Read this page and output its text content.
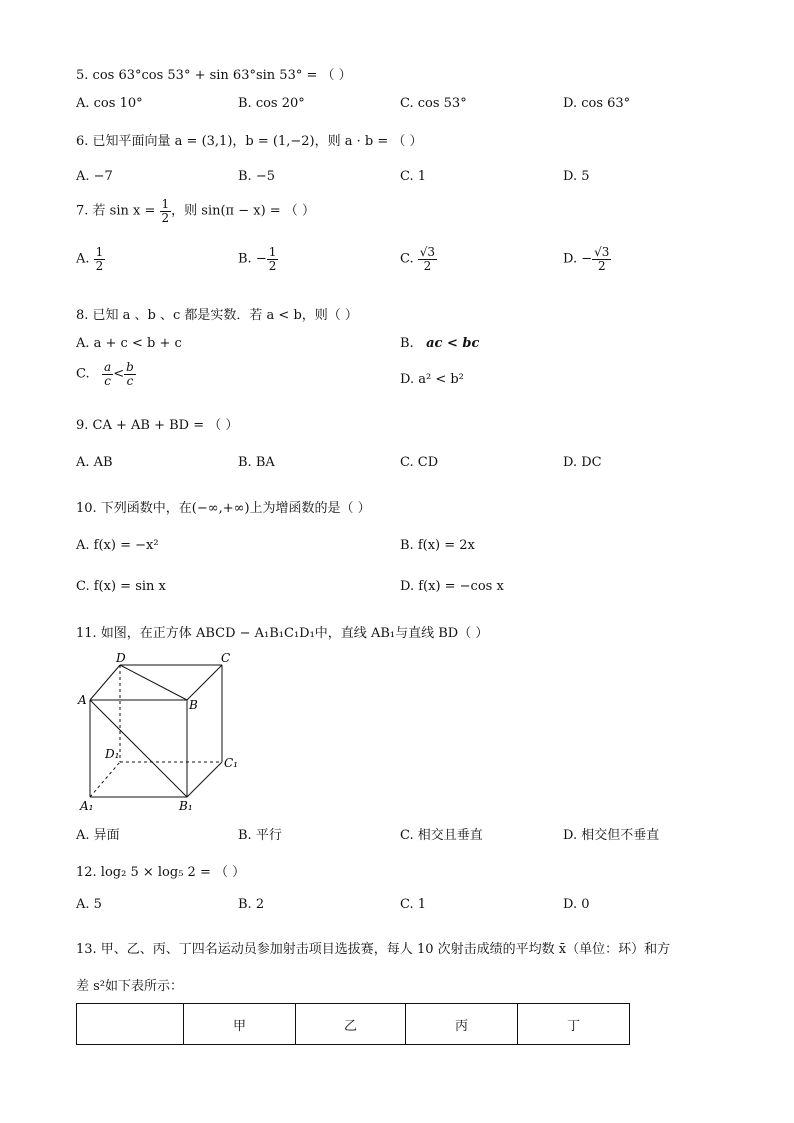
5. cos 63°cos 53° + sin 63°sin 53° = （ ）
A. cos 10°	B. cos 20°	C. cos 53°	D. cos 63°
6. 已知平面向量 a = (3,1)，b = (1,−2)，则 a · b = （ ）
A. −7	B. −5	C. 1	D. 5
7. 若 $\sin x = \frac{1}{2}$ ，则 sin(π − x) = （ ）
A. $\frac{1}{2}$	B. − $\frac{1}{2}$	C. $\frac{√3}{2}$	D. − $\frac{√3}{2}$
8. 已知 a 、b 、c 都是实数．若 a < b，则（ ）
A. a + c < b + c	B. ac < bc
C. $\frac{a}{c} < \frac{b}{c}$	D. a² < b²
9. CA + AB + BD = （ ）
A. AB	B. BA	C. CD	D. DC
10. 下列函数中，在(−∞,+∞)上为增函数的是（ ）
A. f(x) = −x²	B. f(x) = 2x
C. f(x) = sin x	D. f(x) = −cos x
11. 如图，在正方体 ABCD − A₁B₁C₁D₁中，直线 AB₁与直线 BD（ ）
D	C
A	B
D₁
C₁
A₁	B₁
A. 异面	B. 平行	C. 相交且垂直	D. 相交但不垂直
12. log₂ 5 × log₅ 2 = （ ）
A. 5	B. 2	C. 1	D. 0
13. 甲、乙、丙、丁四名运动员参加射击项目选拔赛，每人 10 次射击成绩的平均数 x̄（单位：环）和方
差 s²如下表所示：
	甲	乙	丙	丁
